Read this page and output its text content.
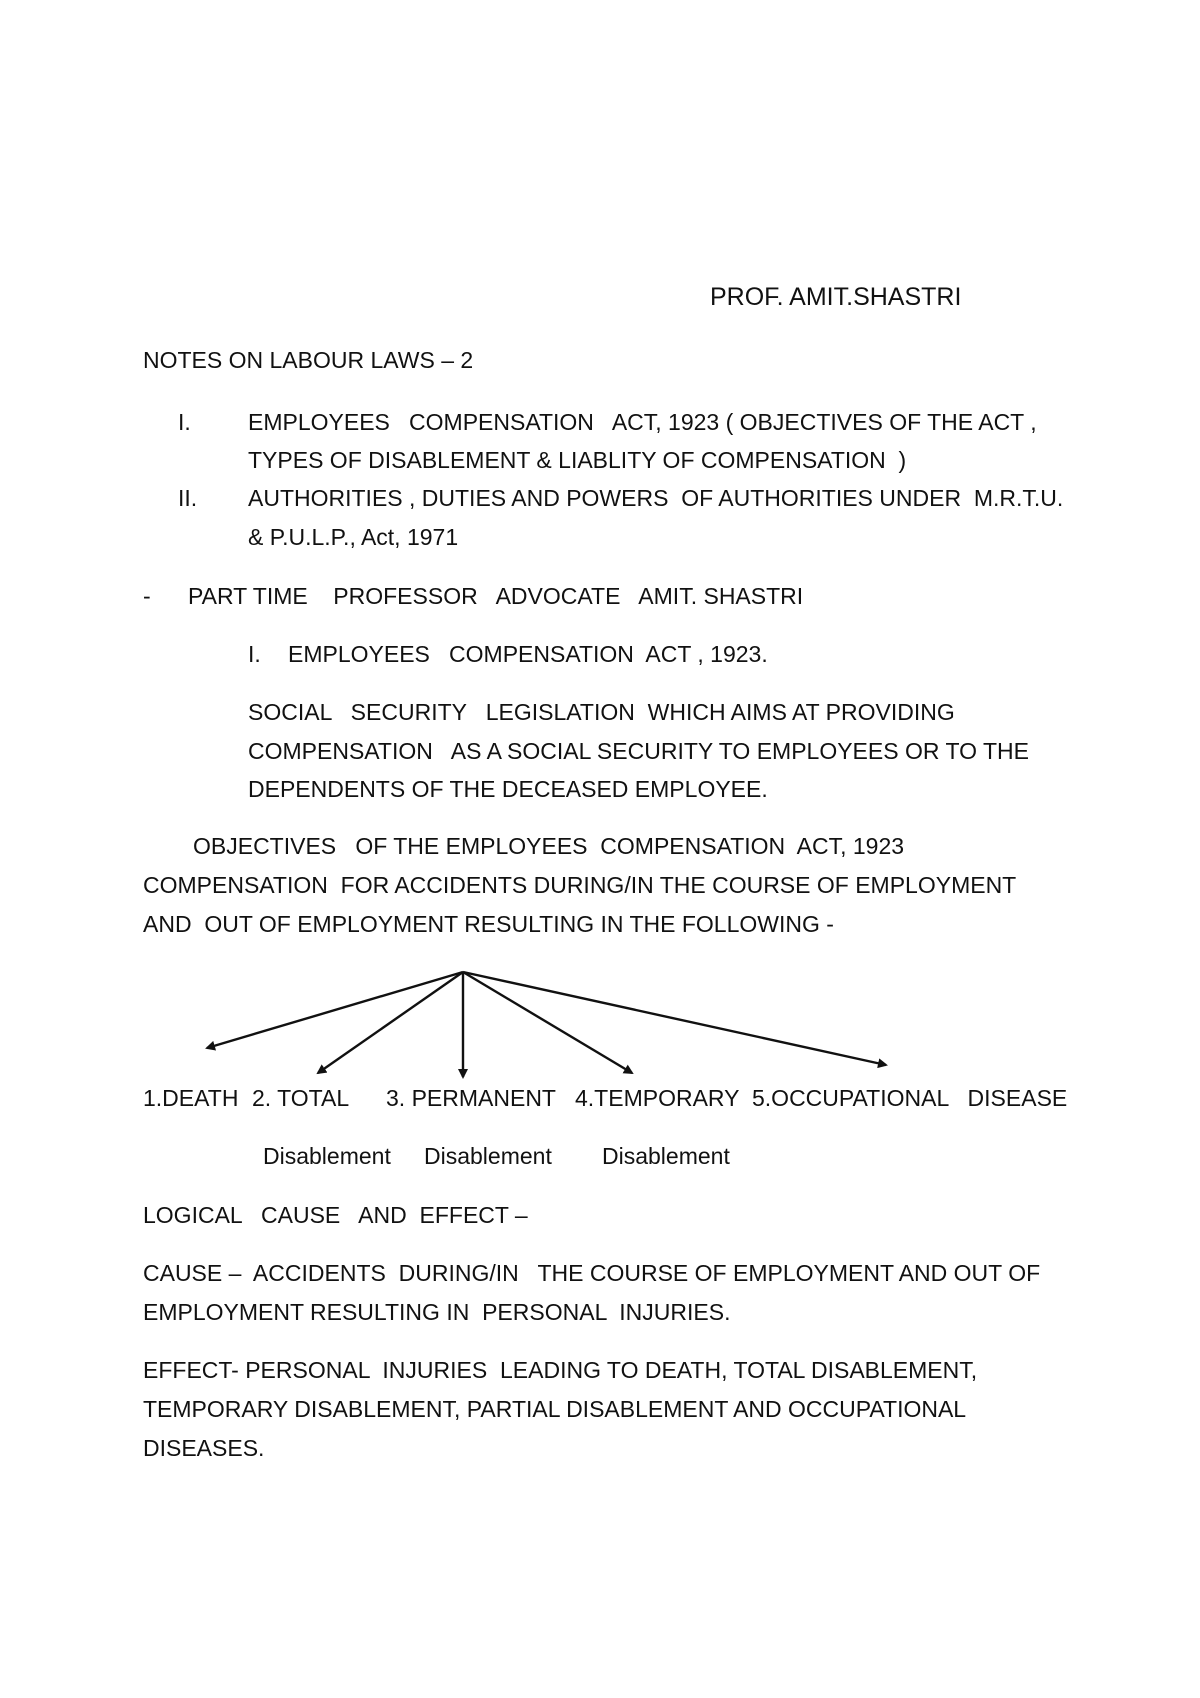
PROF. AMIT.SHASTRI
NOTES ON LABOUR LAWS – 2
I. EMPLOYEES   COMPENSATION   ACT, 1923 ( OBJECTIVES OF THE ACT ,
TYPES OF DISABLEMENT & LIABLITY OF COMPENSATION  )
II. AUTHORITIES , DUTIES AND POWERS  OF AUTHORITIES UNDER  M.R.T.U.
& P.U.L.P., Act, 1971
- PART TIME    PROFESSOR   ADVOCATE   AMIT. SHASTRI
I. EMPLOYEES   COMPENSATION  ACT , 1923.
SOCIAL   SECURITY   LEGISLATION  WHICH AIMS AT PROVIDING
COMPENSATION   AS A SOCIAL SECURITY TO EMPLOYEES OR TO THE
DEPENDENTS OF THE DECEASED EMPLOYEE.
OBJECTIVES   OF THE EMPLOYEES  COMPENSATION  ACT, 1923
COMPENSATION  FOR ACCIDENTS DURING/IN THE COURSE OF EMPLOYMENT
AND  OUT OF EMPLOYMENT RESULTING IN THE FOLLOWING -
1.DEATH 2. TOTAL 3. PERMANENT 4.TEMPORARY 5.OCCUPATIONAL   DISEASE
Disablement Disablement Disablement
LOGICAL   CAUSE   AND  EFFECT –
CAUSE –  ACCIDENTS  DURING/IN   THE COURSE OF EMPLOYMENT AND OUT OF
EMPLOYMENT RESULTING IN  PERSONAL  INJURIES.
EFFECT- PERSONAL  INJURIES  LEADING TO DEATH, TOTAL DISABLEMENT,
TEMPORARY DISABLEMENT, PARTIAL DISABLEMENT AND OCCUPATIONAL
DISEASES.
